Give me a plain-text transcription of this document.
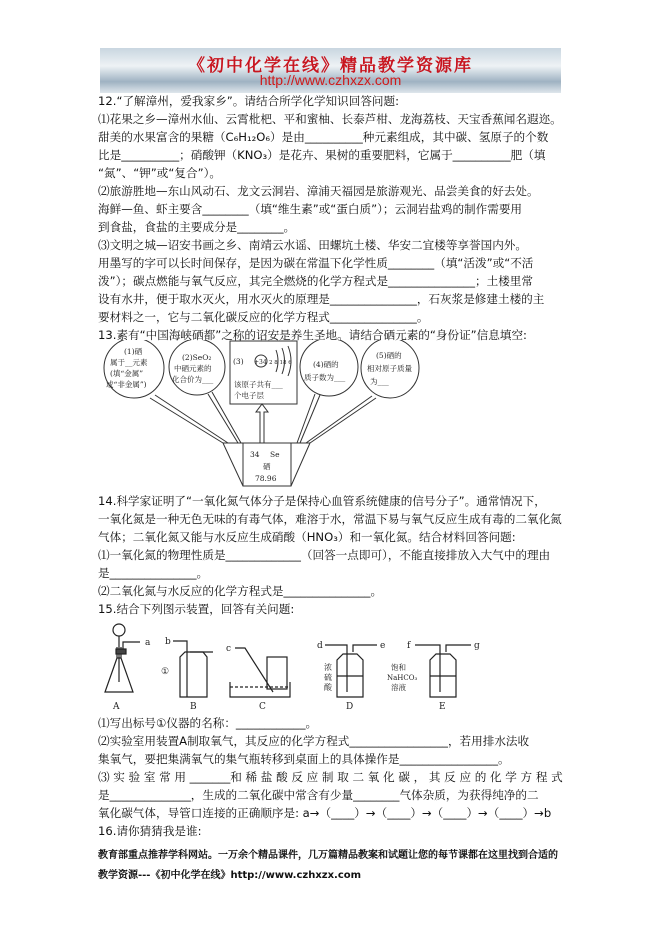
《初中化学在线》精品教学资源库
http://www.czhxzx.com
12.“了解漳州，爱我家乡”。请结合所学化学知识回答问题:
⑴花果之乡—漳州水仙、云霄枇杷、平和蜜柚、长泰芦柑、龙海荔枝、天宝香蕉闻名遐迩。
甜美的水果富含的果糖（C₆H₁₂O₆）是由__________种元素组成，其中碳、氢原子的个数
比是__________；硝酸钾（KNO₃）是花卉、果树的重要肥料，它属于__________肥（填
“氮”、“钾”或“复合”）。
⑵旅游胜地—东山风动石、龙文云洞岩、漳浦天福园是旅游观光、品尝美食的好去处。
海鲜—鱼、虾主要含________（填“维生素”或“蛋白质”）；云洞岩盐鸡的制作需要用
到食盐，食盐的主要成分是________。
⑶文明之城—诏安书画之乡、南靖云水谣、田螺坑土楼、华安二宜楼等享誉国内外。
用墨写的字可以长时间保存，是因为碳在常温下化学性质________（填“活泼”或“不活
泼”）；碳点燃能与氧气反应，其完全燃烧的化学方程式是_______________；土楼里常
设有水井，便于取水灭火，用水灭火的原理是_______________，石灰浆是修建土楼的主
要材料之一，它与二氧化碳反应的化学方程式_______________。
13.素有“中国海峡硒都”之称的诏安是养生圣地。请结合硒元素的“身份证”信息填空:
(1)硒
属于__元素
(填“金属”
或“非金属”)
(2)SeO₂
中硒元素的
化合价为___
(3) +34 2 8 18 6
该原子共有___
个电子层
(4)硒的
质子数为___
(5)硒的
相对原子质量
为___
34 Se
硒
78.96
14.科学家证明了“一氧化氮气体分子是保持心血管系统健康的信号分子”。通常情况下，
一氧化氮是一种无色无味的有毒气体，难溶于水，常温下易与氧气反应生成有毒的二氧化氮
气体；二氧化氮又能与水反应生成硝酸（HNO₃）和一氧化氮。结合材料回答问题:
⑴一氧化氮的物理性质是_____________（回答一点即可），不能直接排放入大气中的理由
是_______________。
⑵二氧化氮与水反应的化学方程式是_______________。
15.结合下列图示装置，回答有关问题:
a b
c	d	e f	g
①	浓
硫
酸
饱和
NaHCO₃
溶液
A	B	C	D	E
⑴写出标号①仪器的名称：____________。
⑵实验室用装置A制取氧气，其反应的化学方程式_________________，若用排水法收
集氧气，要把集满氧气的集气瓶转移到桌面上的具体操作是_________________。
⑶ 实 验 室 常 用 _______和 稀 盐 酸 反 应 制 取 二 氧 化 碳 ， 其 反 应 的 化 学 方 程 式
是______________，生成的二氧化碳中常含有少量________气体杂质，为获得纯净的二
氧化碳气体，导管口连接的正确顺序是: a→（____）→（____）→（____）→（____）→b
16.请你猜猜我是谁:
教育部重点推荐学科网站。一万余个精品课件，几万篇精品教案和试题让您的每节课都在这里找到合适的
教学资源---《初中化学在线》http://www.czhxzx.com
